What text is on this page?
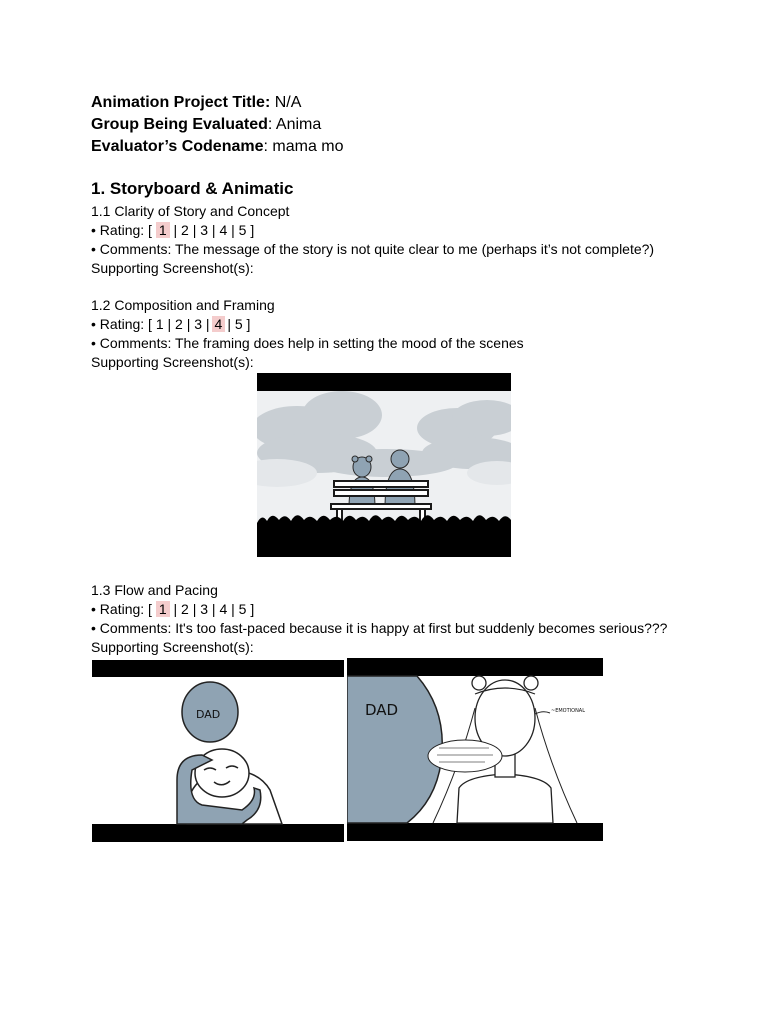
Animation Project Title: N/A
Group Being Evaluated: Anima
Evaluator’s Codename: mama mo
1. Storyboard & Animatic
1.1 Clarity of Story and Concept
• Rating: [ 1 | 2 | 3 | 4 | 5 ]
• Comments: The message of the story is not quite clear to me (perhaps it’s not complete?)
Supporting Screenshot(s):
1.2 Composition and Framing
• Rating: [ 1 | 2 | 3 | 4 | 5 ]
• Comments: The framing does help in setting the mood of the scenes
Supporting Screenshot(s):
1.3 Flow and Pacing
• Rating: [ 1 | 2 | 3 | 4 | 5 ]
• Comments: It's too fast-paced because it is happy at first but suddenly becomes serious???
Supporting Screenshot(s):
DAD	DAD	~EMOTIONAL
